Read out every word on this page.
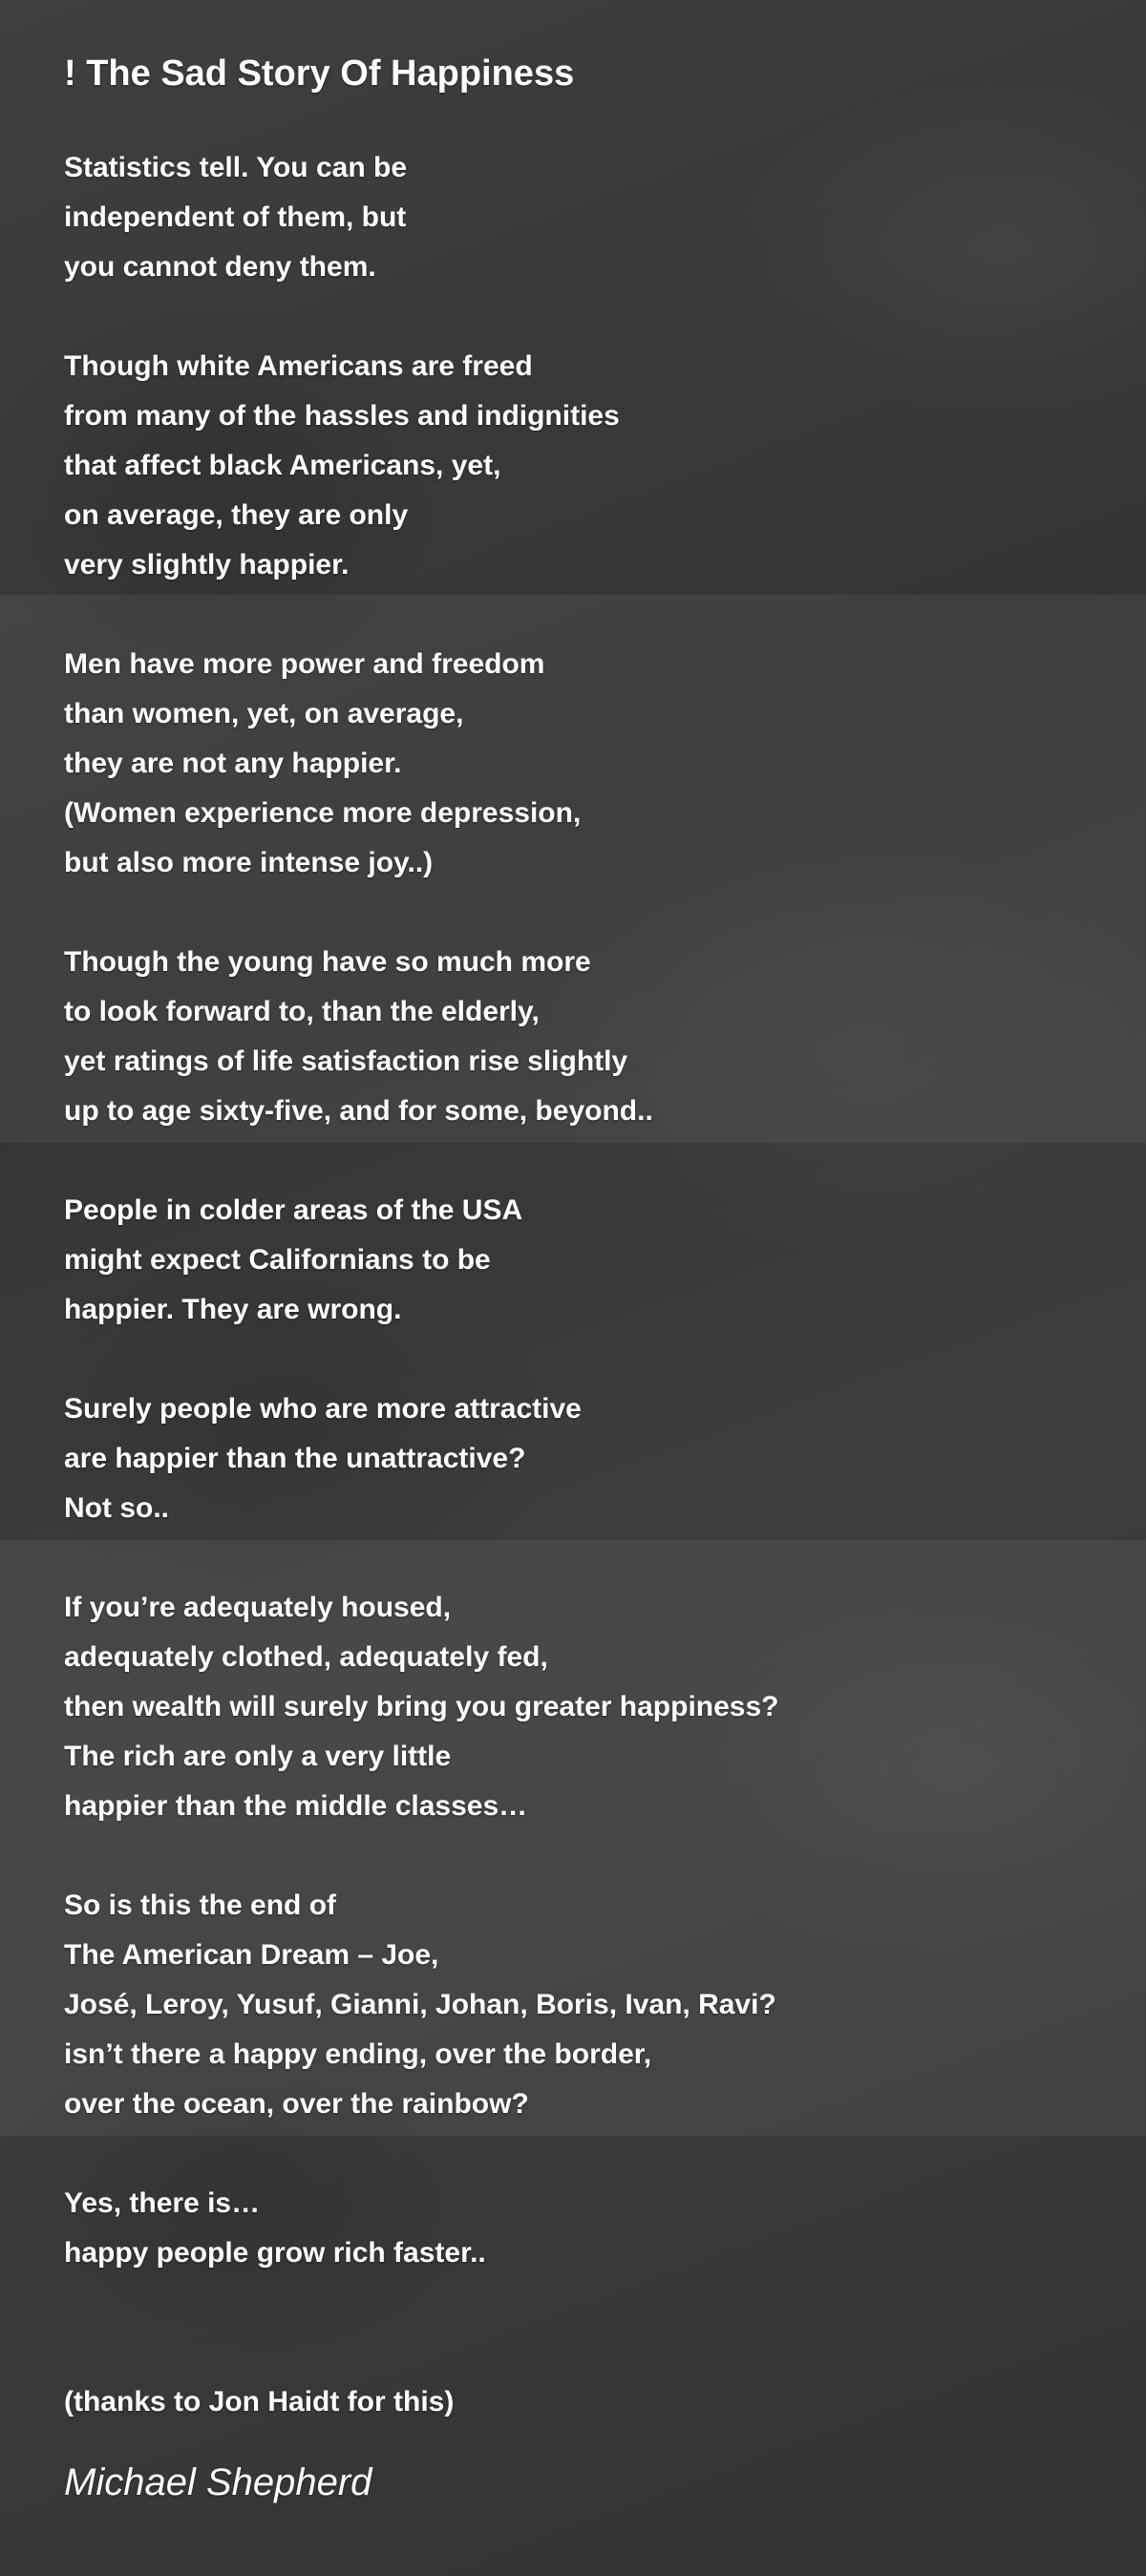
! The Sad Story Of Happiness
Statistics tell. You can be
independent of them, but
you cannot deny them.
Though white Americans are freed
from many of the hassles and indignities
that affect black Americans, yet,
on average, they are only
very slightly happier.
Men have more power and freedom
than women, yet, on average,
they are not any happier.
(Women experience more depression,
but also more intense joy..)
Though the young have so much more
to look forward to, than the elderly,
yet ratings of life satisfaction rise slightly
up to age sixty-five, and for some, beyond..
People in colder areas of the USA
might expect Californians to be
happier. They are wrong.
Surely people who are more attractive
are happier than the unattractive?
Not so..
If you’re adequately housed,
adequately clothed, adequately fed,
then wealth will surely bring you greater happiness?
The rich are only a very little
happier than the middle classes…
So is this the end of
The American Dream – Joe,
José, Leroy, Yusuf, Gianni, Johan, Boris, Ivan, Ravi?
isn’t there a happy ending, over the border,
over the ocean, over the rainbow?
Yes, there is…
happy people grow rich faster..
(thanks to Jon Haidt for this)
Michael Shepherd
